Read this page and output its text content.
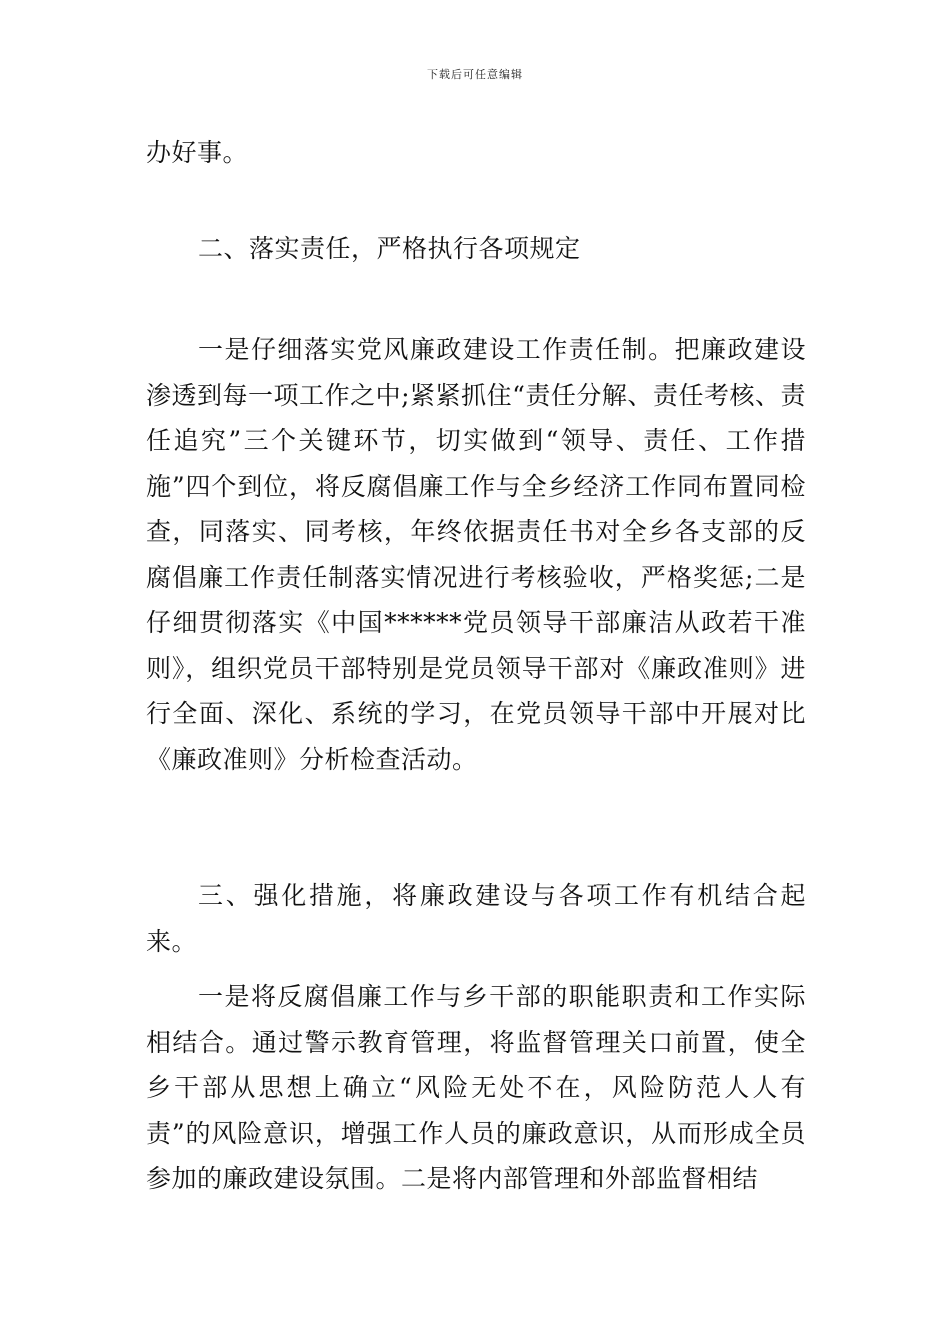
下载后可任意编辑

办好事。

二、落实责任，严格执行各项规定

一是仔细落实党风廉政建设工作责任制。把廉政建设渗透到每一项工作之中;紧紧抓住“责任分解、责任考核、责任追究”三个关键环节，切实做到“领导、责任、工作措施”四个到位，将反腐倡廉工作与全乡经济工作同布置同检查，同落实、同考核，年终依据责任书对全乡各支部的反腐倡廉工作责任制落实情况进行考核验收，严格奖惩;二是仔细贯彻落实《中国******党员领导干部廉洁从政若干准则》，组织党员干部特别是党员领导干部对《廉政准则》进行全面、深化、系统的学习，在党员领导干部中开展对比《廉政准则》分析检查活动。

三、强化措施，将廉政建设与各项工作有机结合起来。

一是将反腐倡廉工作与乡干部的职能职责和工作实际相结合。通过警示教育管理，将监督管理关口前置，使全乡干部从思想上确立“风险无处不在，风险防范人人有责”的风险意识，增强工作人员的廉政意识，从而形成全员参加的廉政建设氛围。二是将内部管理和外部监督相结
